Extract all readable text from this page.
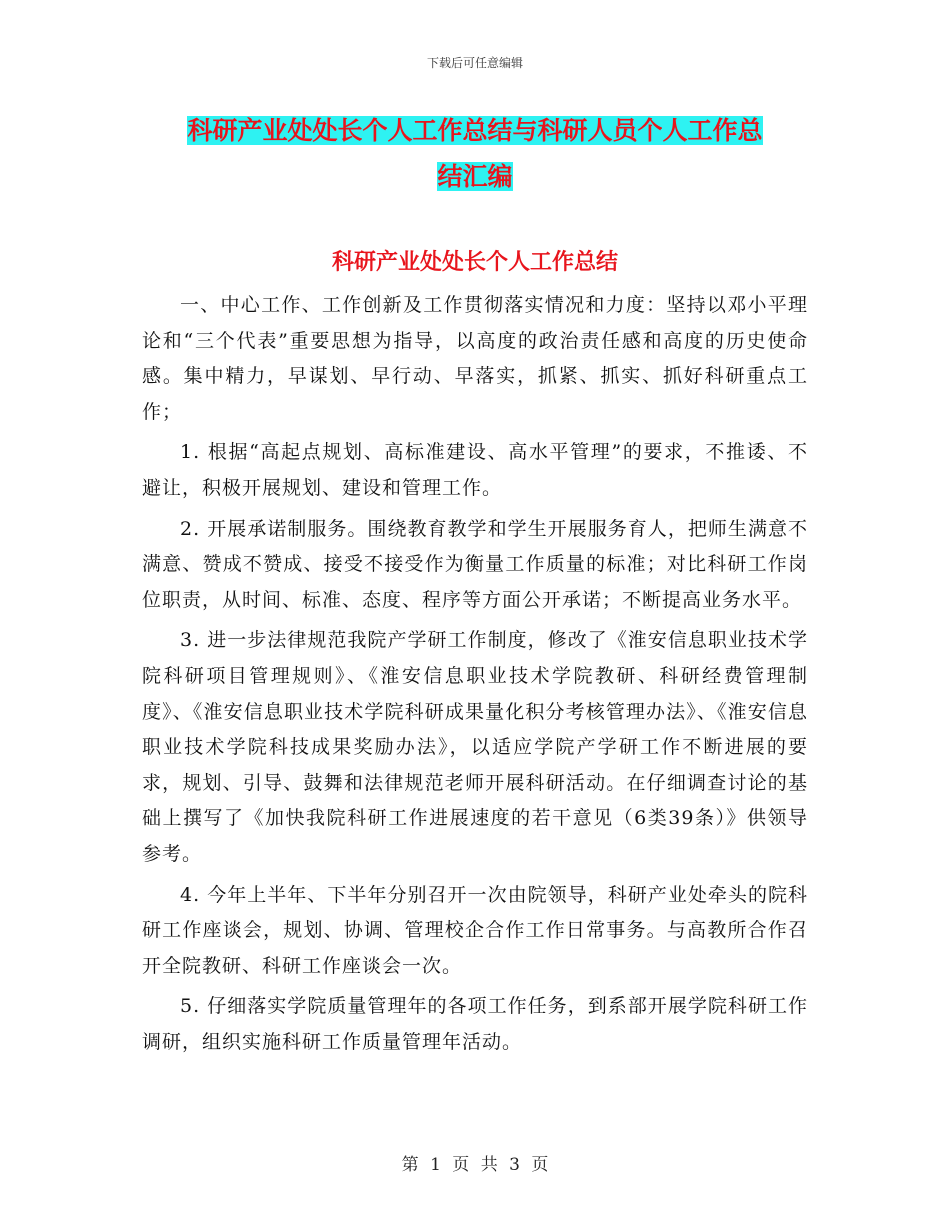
下载后可任意编辑
科研产业处处长个人工作总结与科研人员个人工作总
结汇编
科研产业处处长个人工作总结

一、中心工作、工作创新及工作贯彻落实情况和力度：坚持以邓小平理论和“三个代表”重要思想为指导，以高度的政治责任感和高度的历史使命感。集中精力，早谋划、早行动、早落实，抓紧、抓实、抓好科研重点工作；

1. 根据“高起点规划、高标准建设、高水平管理”的要求，不推诿、不避让，积极开展规划、建设和管理工作。

2. 开展承诺制服务。围绕教育教学和学生开展服务育人，把师生满意不满意、赞成不赞成、接受不接受作为衡量工作质量的标准；对比科研工作岗位职责，从时间、标准、态度、程序等方面公开承诺；不断提高业务水平。

3. 进一步法律规范我院产学研工作制度，修改了《淮安信息职业技术学院科研项目管理规则》、《淮安信息职业技术学院教研、科研经费管理制度》、《淮安信息职业技术学院科研成果量化积分考核管理办法》、《淮安信息职业技术学院科技成果奖励办法》，以适应学院产学研工作不断进展的要求，规划、引导、鼓舞和法律规范老师开展科研活动。在仔细调查讨论的基础上撰写了《加快我院科研工作进展速度的若干意见（6类39条）》供领导参考。

4. 今年上半年、下半年分别召开一次由院领导，科研产业处牵头的院科研工作座谈会，规划、协调、管理校企合作工作日常事务。与高教所合作召开全院教研、科研工作座谈会一次。

5. 仔细落实学院质量管理年的各项工作任务，到系部开展学院科研工作调研，组织实施科研工作质量管理年活动。

第 1 页 共 3 页
